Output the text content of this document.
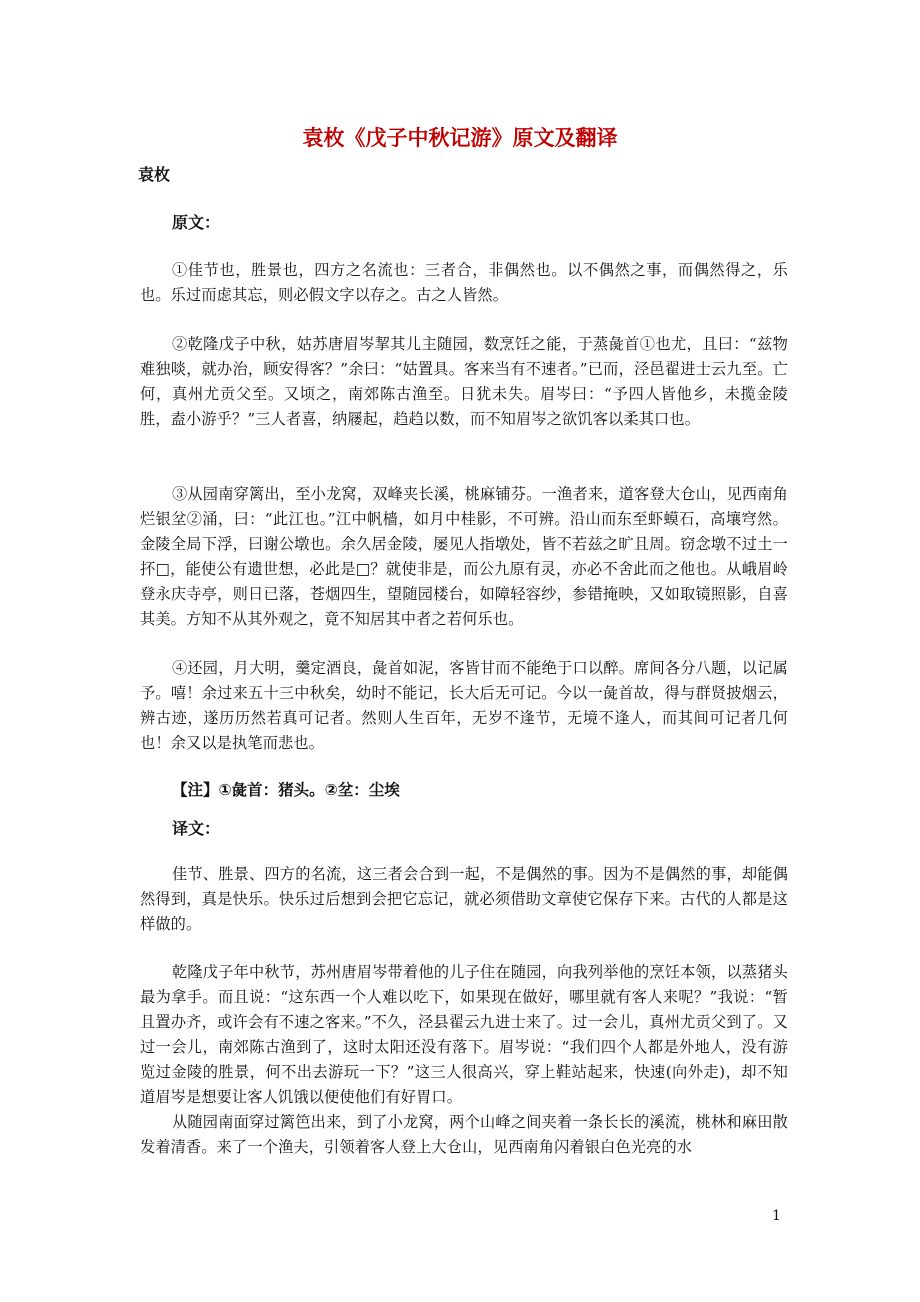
袁枚《戊子中秋记游》原文及翻译
袁枚
原文：

①佳节也，胜景也，四方之名流也：三者合，非偶然也。以不偶然之事，而偶然得之，乐也。乐过而虑其忘，则必假文字以存之。古之人皆然。

②乾隆戊子中秋，姑苏唐眉岑挈其儿主随园，数烹饪之能，于蒸彘首①也尤，且曰：“兹物难独啖，就办治，顾安得客？”余曰：“姑置具。客来当有不速者。”已而，泾邑翟进士云九至。亡何，真州尤贡父至。又顷之，南郊陈古渔至。日犹未失。眉岑曰：“予四人皆他乡，未揽金陵胜，盍小游乎？”三人者喜，纳屦起，趋趋以数，而不知眉岑之欲饥客以柔其口也。

③从园南穿篱出，至小龙窝，双峰夹长溪，桃麻铺芬。一渔者来，道客登大仓山，见西南角烂银坌②涌，曰：“此江也。”江中帆樯，如月中桂影，不可辨。沿山而东至虾蟆石，高壤穹然。金陵全局下浮，曰谢公墩也。余久居金陵，屡见人指墩处，皆不若兹之旷且周。窃念墩不过土一抔□，能使公有遗世想，必此是□？就使非是，而公九原有灵，亦必不舍此而之他也。从峨眉岭登永庆寺亭，则日已落，苍烟四生，望随园楼台，如障轻容纱，参错掩映，又如取镜照影，自喜其美。方知不从其外观之，竟不知居其中者之若何乐也。

④还园，月大明，羹定酒良，彘首如泥，客皆甘而不能绝于口以醉。席间各分八题，以记属予。嘻！余过来五十三中秋矣，幼时不能记，长大后无可记。今以一彘首故，得与群贤披烟云，辨古迹，遂历历然若真可记者。然则人生百年，无岁不逢节，无境不逢人，而其间可记者几何也！余又以是执笔而悲也。

【注】①彘首：猪头。②坌：尘埃
译文：

佳节、胜景、四方的名流，这三者会合到一起，不是偶然的事。因为不是偶然的事，却能偶然得到，真是快乐。快乐过后想到会把它忘记，就必须借助文章使它保存下来。古代的人都是这样做的。

乾隆戊子年中秋节，苏州唐眉岑带着他的儿子住在随园，向我列举他的烹饪本领，以蒸猪头最为拿手。而且说：“这东西一个人难以吃下，如果现在做好，哪里就有客人来呢？”我说：“暂且置办齐，或许会有不速之客来。”不久，泾县翟云九进士来了。过一会儿，真州尤贡父到了。又过一会儿，南郊陈古渔到了，这时太阳还没有落下。眉岑说：“我们四个人都是外地人，没有游览过金陵的胜景，何不出去游玩一下？”这三人很高兴，穿上鞋站起来，快速(向外走)，却不知道眉岑是想要让客人饥饿以便使他们有好胃口。

从随园南面穿过篱笆出来，到了小龙窝，两个山峰之间夹着一条长长的溪流，桃林和麻田散发着清香。来了一个渔夫，引领着客人登上大仓山，见西南角闪着银白色光亮的水

1
